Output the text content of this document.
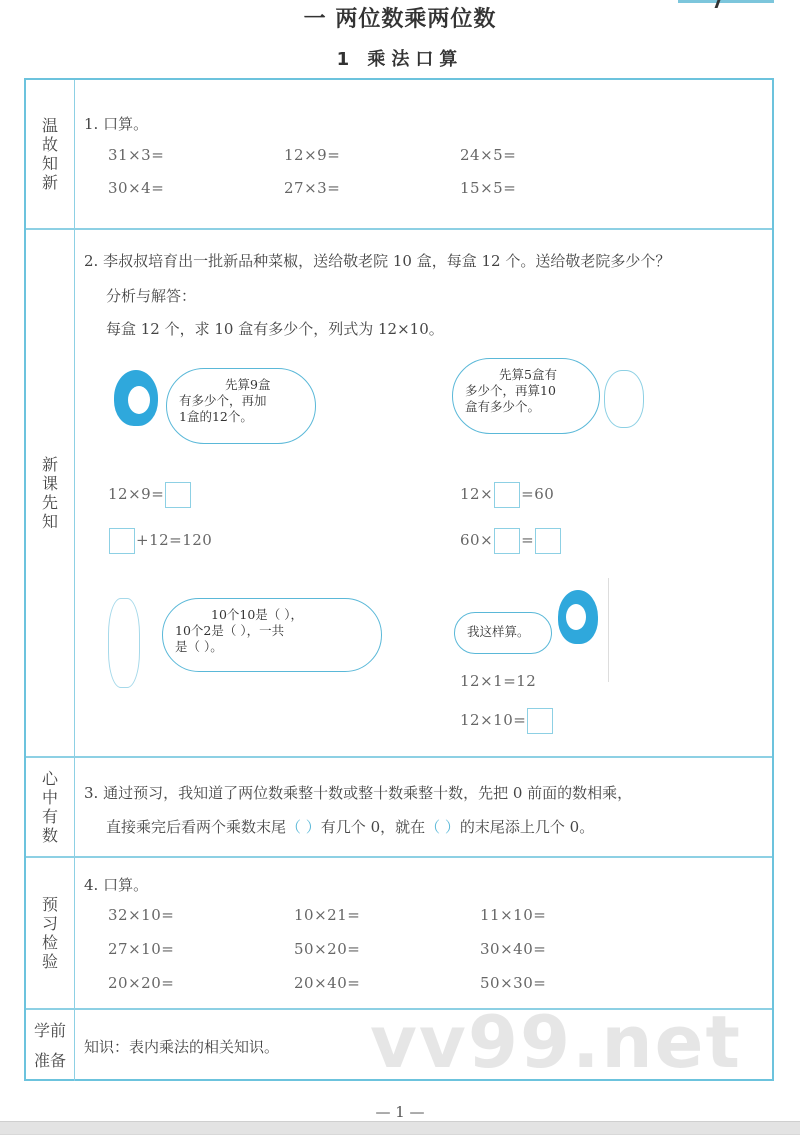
一 两位数乘两位数
1 乘法口算
温故知新
1. 口算。
31×3=	12×9=	24×5=
30×4=	27×3=	15×5=
新课先知
2. 李叔叔培育出一批新品种菜椒，送给敬老院 10 盒，每盒 12 个。送给敬老院多少个？
分析与解答：
每盒 12 个，求 10 盒有多少个，列式为 12×10。
先算9盒
有多少个，再加
1盒的12个。
先算5盒有
多少个，再算10
盒有多少个。
12×9=	12× =60
+12=120	60× =
10个10是（ ），
10个2是（ ），一共
是（ ）。
我这样算。
12×1=12
12×10=
心中有数
3. 通过预习，我知道了两位数乘整十数或整十数乘整十数，先把 0 前面的数相乘，
直接乘完后看两个乘数末尾（ ）有几个 0，就在（ ）的末尾添上几个 0。
预习检验
4. 口算。
32×10=	10×21=	11×10=
27×10=	50×20=	30×40=
20×20=	20×40=	50×30=
学前准备
知识：表内乘法的相关知识。 vv99.net
— 1 —
